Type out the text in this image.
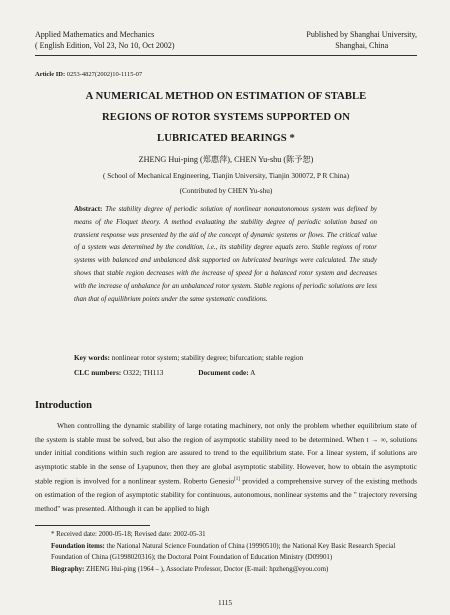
Applied Mathematics and Mechanics
( English Edition, Vol 23, No 10, Oct 2002)
Published by Shanghai University,
Shanghai, China
Article ID: 0253-4827(2002)10-1115-07
A NUMERICAL METHOD ON ESTIMATION OF STABLE
REGIONS OF ROTOR SYSTEMS SUPPORTED ON
LUBRICATED BEARINGS *
ZHENG Hui-ping (郑惠萍), CHEN Yu-shu (陈予恕)
( School of Mechanical Engineering, Tianjin University, Tianjin 300072, P R China)
(Contributed by CHEN Yu-shu)
Abstract: The stability degree of periodic solution of nonlinear nonautonomous system was defined by means of the Floquet theory. A method evaluating the stability degree of periodic solution based on transient response was presented by the aid of the concept of dynamic systems or flows. The critical value of a system was determined by the condition, i.e., its stability degree equals zero. Stable regions of rotor systems with balanced and unbalanced disk supported on lubricated bearings were calculated. The study shows that stable region decreases with the increase of speed for a balanced rotor system and decreases with the increase of unbalance for an unbalanced rotor system. Stable regions of periodic solutions are less than that of equilibrium points under the same systematic conditions.
Key words: nonlinear rotor system; stability degree; bifurcation; stable region
CLC numbers: O322; TH113	Document code: A
Introduction
When controlling the dynamic stability of large rotating machinery, not only the problem whether equilibrium state of the system is stable must be solved, but also the region of asymptotic stability need to be determined. When t → ∞, solutions under initial conditions within such region are assured to trend to the equilibrium state. For a linear system, if solutions are asymptotic stable in the sense of Lyapunov, then they are global asymptotic stability. However, how to obtain the asymptotic stable region is involved for a nonlinear system. Roberto Genesio[1] provided a comprehensive survey of the existing methods on estimation of the region of asymptotic stability for continuous, autonomous, nonlinear systems and the " trajectory reversing method" was presented. Although it can be applied to high
* Received date: 2000-05-18; Revised date: 2002-05-31
Foundation items: the National Natural Science Foundation of China (19990510); the National Key Basic Research Special Foundation of China (G1998020316); the Doctoral Point Foundation of Education Ministry (D09901)
Biography: ZHENG Hui-ping (1964 – ), Associate Professor, Doctor (E-mail: hpzheng@eyou.com)
1115
